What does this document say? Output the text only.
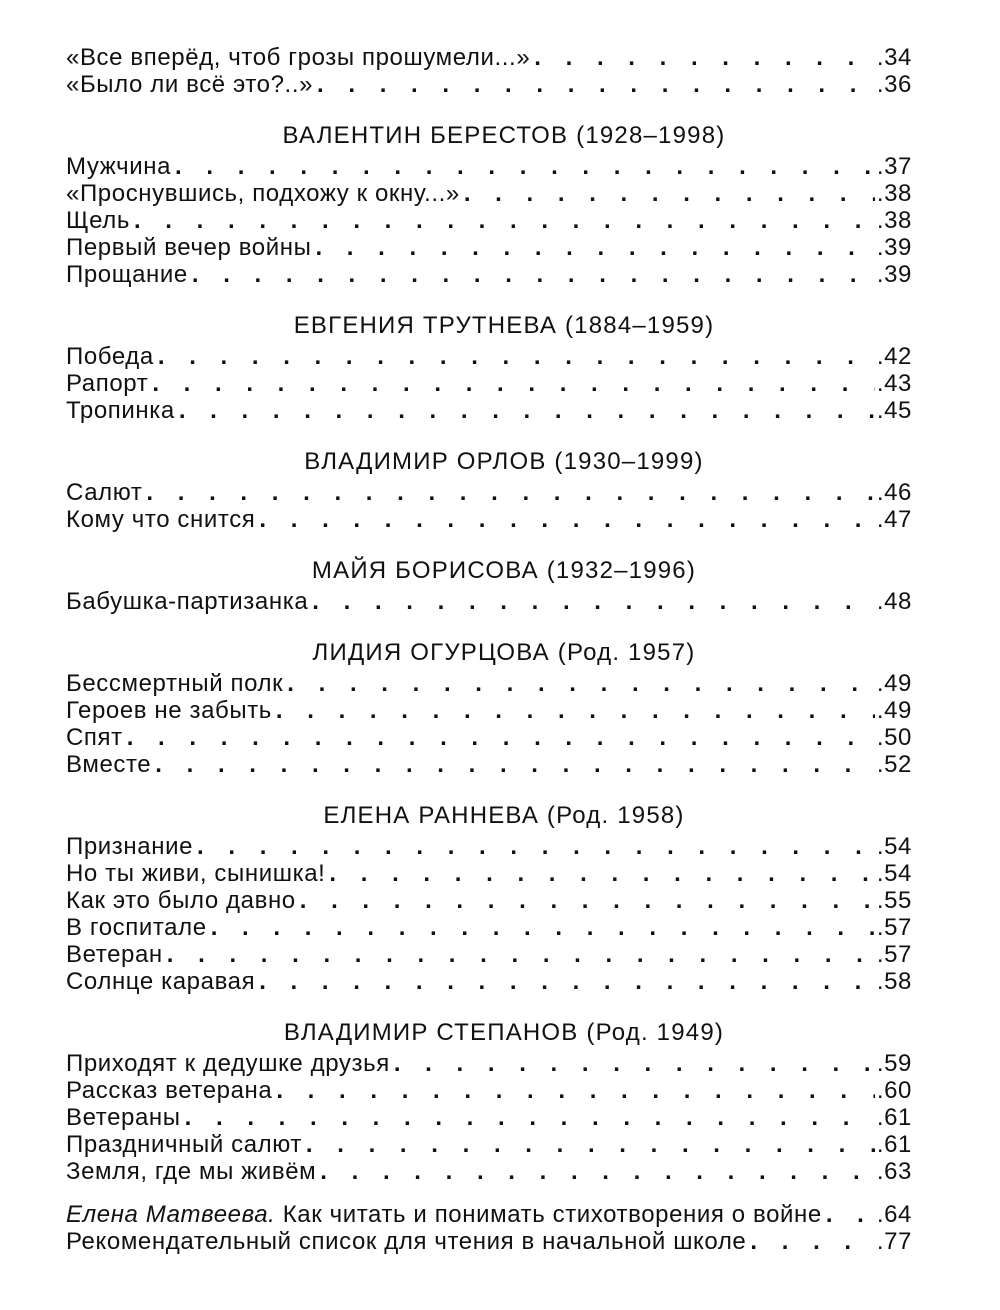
«Все вперёд, чтоб грозы прошумели...» . . .	.34
«Было ли всё это?..» . . .	.36
ВАЛЕНТИН БЕРЕСТОВ (1928–1998)
Мужчина . . .	.37
«Проснувшись, подхожу к окну...» . . .	.38
Щель . . .	.38
Первый вечер войны . . .	.39
Прощание . . .	.39
ЕВГЕНИЯ ТРУТНЕВА (1884–1959)
Победа . . .	.42
Рапорт . . .	.43
Тропинка . . .	.45
ВЛАДИМИР ОРЛОВ (1930–1999)
Салют . . .	.46
Кому что снится . . .	.47
МАЙЯ БОРИСОВА (1932–1996)
Бабушка-партизанка . . .	.48
ЛИДИЯ ОГУРЦОВА (Род. 1957)
Бессмертный полк . . .	.49
Героев не забыть . . .	.49
Спят . . .	.50
Вместе . . .	.52
ЕЛЕНА РАННЕВА (Род. 1958)
Признание . . .	.54
Но ты живи, сынишка! . . .	.54
Как это было давно . . .	.55
В госпитале . . .	.57
Ветеран . . .	.57
Солнце каравая . . .	.58
ВЛАДИМИР СТЕПАНОВ (Род. 1949)
Приходят к дедушке друзья . . .	.59
Рассказ ветерана . . .	.60
Ветераны . . .	.61
Праздничный салют . . .	.61
Земля, где мы живём . . .	.63
Елена Матвеева. Как читать и понимать стихотворения о войне . . . .64
Рекомендательный список для чтения в начальной школе . . .	.77
